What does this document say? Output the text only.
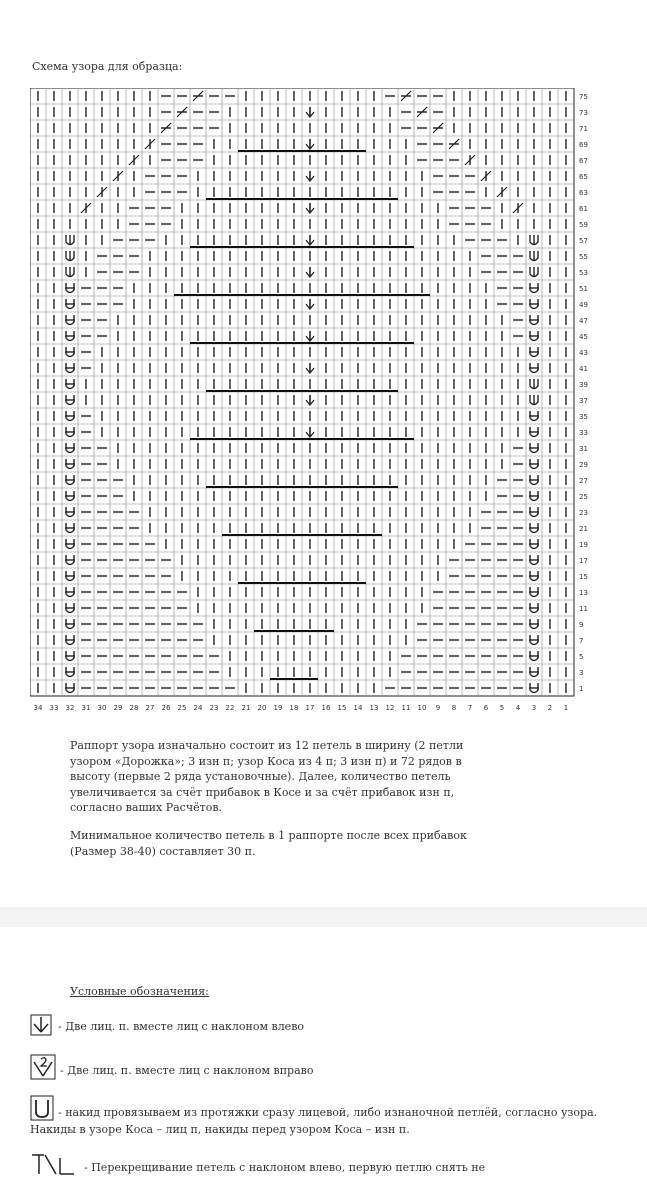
Схема узора для образца:
34 33 32 31 30 29 28 27 26 25 24 23 22 21 20 19 18 17 16 15 14 13 12 11 10 9 8 7 6 5 4 3 2 1
75
73
71
69
67
65
63
61
59
57
55
53
51
49
47
45
43
41
39
37
35
33
31
29
27
25
23
21
19
17
15
13
11
9
7
5
3
1
Раппорт узора изначально состоит из 12 петель в ширину (2 петли
узором «Дорожка»; 3 изн п; узор Коса из 4 п; 3 изн п) и 72 рядов в
высоту (первые 2 ряда установочные). Далее, количество петель
увеличивается за счёт прибавок в Косе и за счёт прибавок изн п,
согласно ваших Расчётов.
Минимальное количество петель в 1 раппорте после всех прибавок
(Размер 38-40) составляет 30 п.
Условные обозначения:
- Две лиц. п. вместе лиц с наклоном влево
- Две лиц. п. вместе лиц с наклоном вправо
- накид провязываем из протяжки сразу лицевой, либо изнаночной петлёй, согласно узора.
Накиды в узоре Коса – лиц п, накиды перед узором Коса – изн п.
- Перекрещивание петель с наклоном влево, первую петлю снять не
